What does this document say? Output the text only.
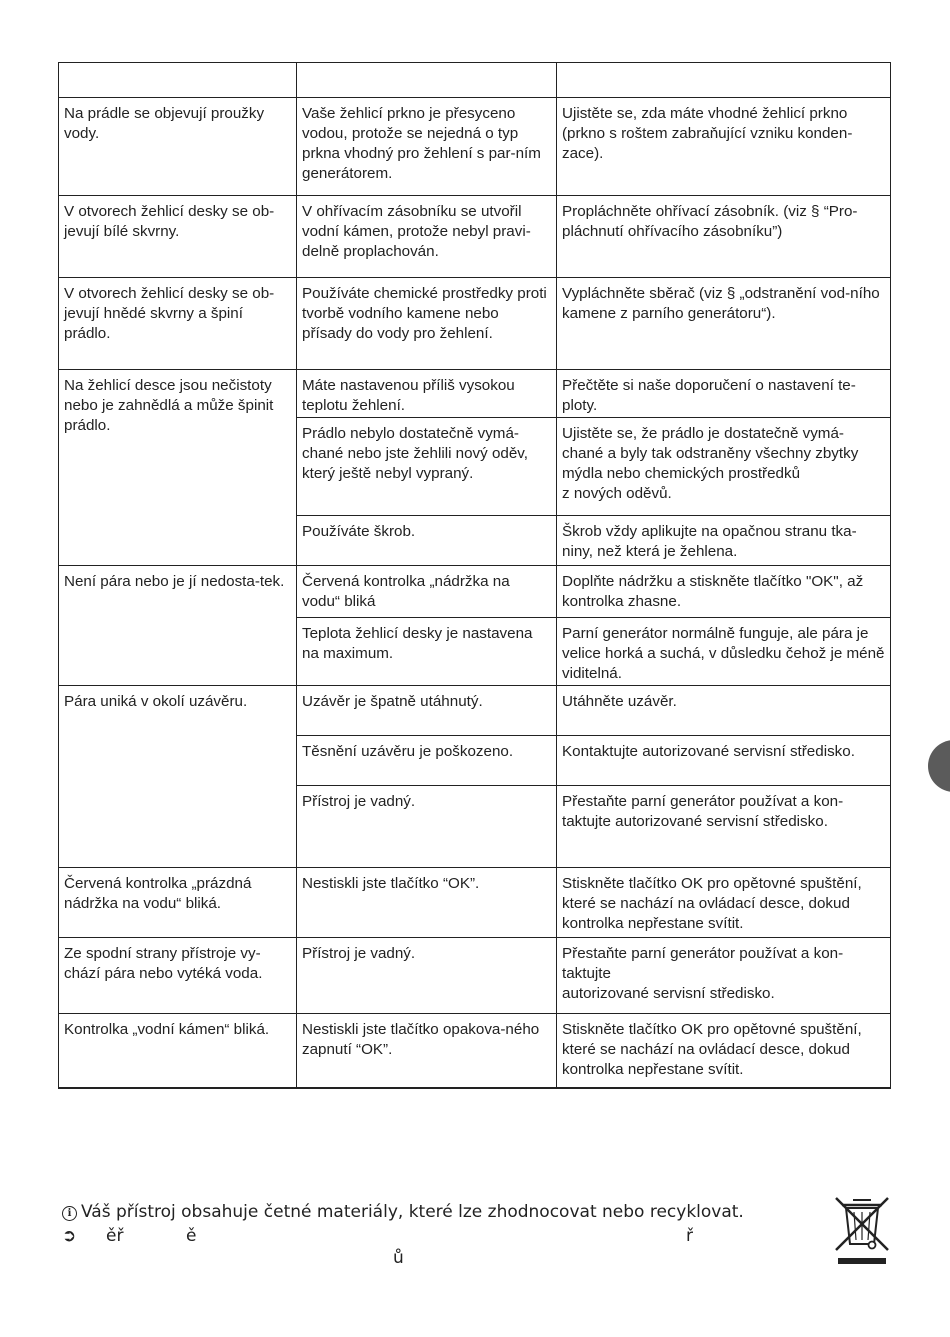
Na prádle se objevují proužky vody.	Vaše žehlicí prkno je přesyceno vodou, protože se nejedná o typ prkna vhodný pro žehlení s par-ním generátorem.	Ujistěte se, zda máte vhodné žehlicí prkno (prkno s roštem zabraňující vzniku konden-zace).
V otvorech žehlicí desky se ob-jevují bílé skvrny.	V ohřívacím zásobníku se utvořil vodní kámen, protože nebyl pravi-delně proplachován.	Propláchněte ohřívací zásobník. (viz § “Pro-pláchnutí ohřívacího zásobníku”)
V otvorech žehlicí desky se ob-jevují hnědé skvrny a špiní prádlo.	Používáte chemické prostředky proti tvorbě vodního kamene nebo přísady do vody pro žehlení.	Vypláchněte sběrač (viz § „odstranění vod-ního kamene z parního generátoru“).
Na žehlicí desce jsou nečistoty nebo je zahnědlá a může špinit prádlo.	Máte nastavenou příliš vysokou teplotu žehlení.	Přečtěte si naše doporučení o nastavení te-ploty.
	Prádlo nebylo dostatečně vymá-chané nebo jste žehlili nový oděv, který ještě nebyl vypraný.	Ujistěte se, že prádlo je dostatečně vymá-chané a byly tak odstraněny všechny zbytky mýdla nebo chemických prostředků
z nových oděvů.
	Používáte škrob.	Škrob vždy aplikujte na opačnou stranu tka-niny, než která je žehlena.
Není pára nebo je jí nedosta-tek.	Červená kontrolka „nádržka na vodu“ bliká	Doplňte nádržku a stiskněte tlačítko "OK", až kontrolka zhasne.
	Teplota žehlicí desky je nastavena na maximum.	Parní generátor normálně funguje, ale pára je velice horká a suchá, v důsledku čehož je méně viditelná.
Pára uniká v okolí uzávěru.	Uzávěr je špatně utáhnutý.	Utáhněte uzávěr.
	Těsnění uzávěru je poškozeno.	Kontaktujte autorizované servisní středisko.
	Přístroj je vadný.	Přestaňte parní generátor používat a kon-taktujte autorizované servisní středisko.
Červená kontrolka „prázdná nádržka na vodu“ bliká.	Nestiskli jste tlačítko “OK”.	Stiskněte tlačítko OK pro opětovné spuštění, které se nachází na ovládací desce, dokud kontrolka nepřestane svítit.
Ze spodní strany přístroje vy-chází pára nebo vytéká voda.	Přístroj je vadný.	Přestaňte parní generátor používat a kon-taktujte
autorizované servisní středisko.
Kontrolka „vodní kámen“ bliká.	Nestiskli jste tlačítko opakova-ného zapnutí “OK”.	Stiskněte tlačítko OK pro opětovné spuštění, které se nachází na ovládací desce, dokud kontrolka nepřestane svítit.
i Váš přístroj obsahuje četné materiály, které lze zhodnocovat nebo recyklovat.
➲ ěř	ě	ř
ů
